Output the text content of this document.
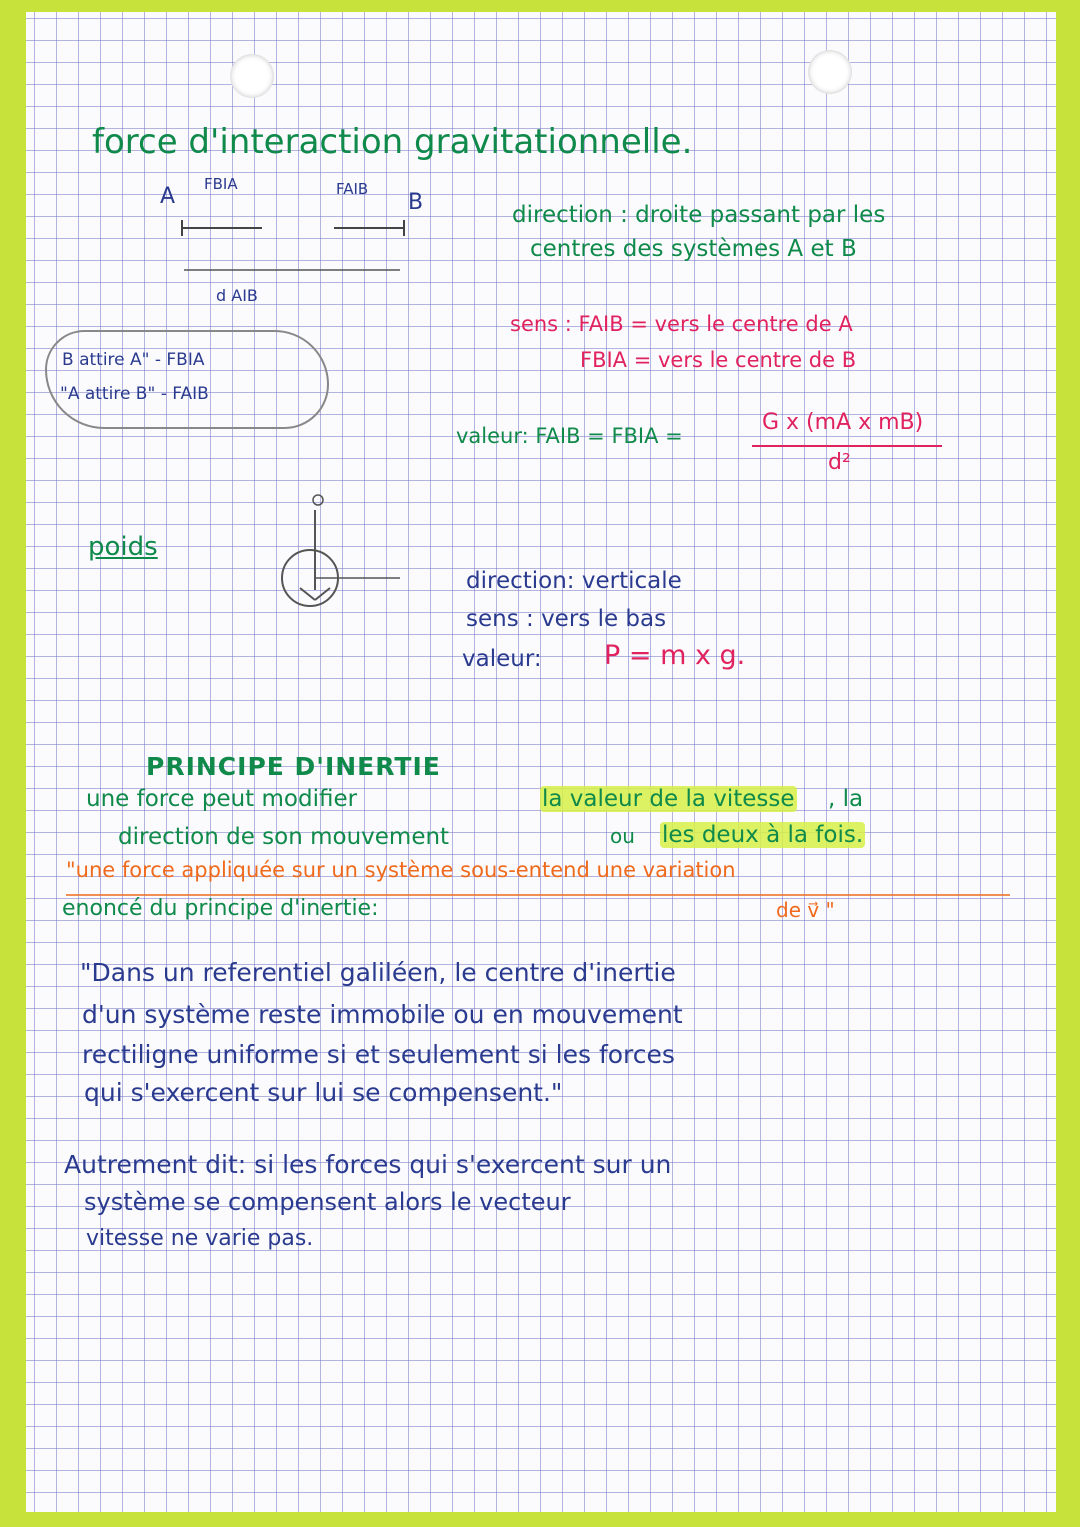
force d'interaction gravitationnelle.
A	B
FBIA	FAIB
d AIB
B attire A" - FBIA
"A attire B" - FAIB
direction : droite passant par les
centres des systèmes A et B
sens : FAIB = vers le centre de A
FBIA = vers le centre de B
valeur: FAIB = FBIA =
G x (mA x mB)
d²
poids
direction: verticale
sens : vers le bas
valeur: P = m x g.
PRINCIPE D'INERTIE
une force peut modifier	la valeur de la vitesse , la
direction de son mouvement	ou les deux à la fois.
"une force appliquée sur un système sous-entend une variation
enoncé du principe d'inertie:	de v⃗ "
"Dans un referentiel galiléen, le centre d'inertie
d'un système reste immobile ou en mouvement
rectiligne uniforme si et seulement si les forces
qui s'exercent sur lui se compensent."
Autrement dit: si les forces qui s'exercent sur un
système se compensent alors le vecteur
vitesse ne varie pas.
